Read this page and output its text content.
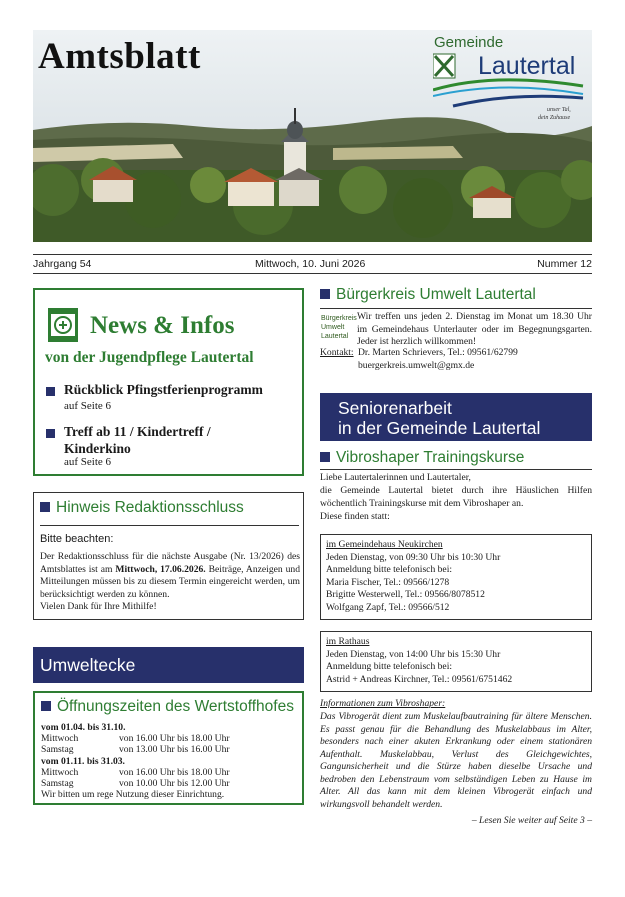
Amtsblatt	Gemeinde
Lautertal
unser Tal,
dein Zuhause
Jahrgang 54	Mittwoch, 10. Juni 2026	Nummer 12
News & Infos
von der Jugendpflege Lautertal
Rückblick Pfingstferienprogramm
auf Seite 6
Treff ab 11 / Kindertreff / Kinderkino
auf Seite 6
Hinweis Redaktionsschluss
Bitte beachten:
Der Redaktionsschluss für die nächste Ausgabe (Nr. 13/2026) des Amtsblattes ist am Mittwoch, 17.06.2026. Beiträge, Anzeigen und Mitteilungen müssen bis zu diesem Termin eingereicht werden, um berücksichtigt werden zu können.
Vielen Dank für Ihre Mithilfe!
Umweltecke
Öffnungszeiten des Wertstoffhofes
vom 01.04. bis 31.10.
Mittwoch	von 16.00 Uhr bis 18.00 Uhr
Samstag	von 13.00 Uhr bis 16.00 Uhr
vom 01.11. bis 31.03.
Mittwoch	von 16.00 Uhr bis 18.00 Uhr
Samstag	von 10.00 Uhr bis 12.00 Uhr
Wir bitten um rege Nutzung dieser Einrichtung.
Bürgerkreis Umwelt Lautertal
Bürgerkreis
Umwelt
Lautertal
Wir treffen uns jeden 2. Dienstag im Monat um 18.30 Uhr im Gemeindehaus Unterlauter oder im Begegnungsgarten. Jeder ist herzlich willkommen!
Kontakt: Dr. Marten Schrievers, Tel.: 09561/62799
buergerkreis.umwelt@gmx.de
Seniorenarbeit
in der Gemeinde Lautertal
Vibroshaper Trainingskurse
Liebe Lautertalerinnen und Lautertaler,
die Gemeinde Lautertal bietet durch ihre Häuslichen Hilfen wöchentlich Trainingskurse mit dem Vibroshaper an.
Diese finden statt:
im Gemeindehaus Neukirchen
Jeden Dienstag, von 09:30 Uhr bis 10:30 Uhr
Anmeldung bitte telefonisch bei:
Maria Fischer, Tel.: 09566/1278
Brigitte Westerwell, Tel.: 09566/8078512
Wolfgang Zapf, Tel.: 09566/512
im Rathaus
Jeden Dienstag, von 14:00 Uhr bis 15:30 Uhr
Anmeldung bitte telefonisch bei:
Astrid + Andreas Kirchner, Tel.: 09561/6751462
Informationen zum Vibroshaper:
Das Vibrogerät dient zum Muskelaufbautraining für ältere Menschen. Es passt genau für die Behandlung des Muskelabbaus im Alter, besonders nach einer akuten Erkrankung oder einem stationären Aufenthalt. Muskelabbau, Verlust des Gleichgewichtes, Gangunsicherheit und die Stürze haben dieselbe Ursache und bedroben den Lebenstraum vom selbständigen Leben zu Hause im Alter. All das kann mit dem kleinen Vibrogerät einfach und wirkungsvoll behandelt werden.
– Lesen Sie weiter auf Seite 3 –
